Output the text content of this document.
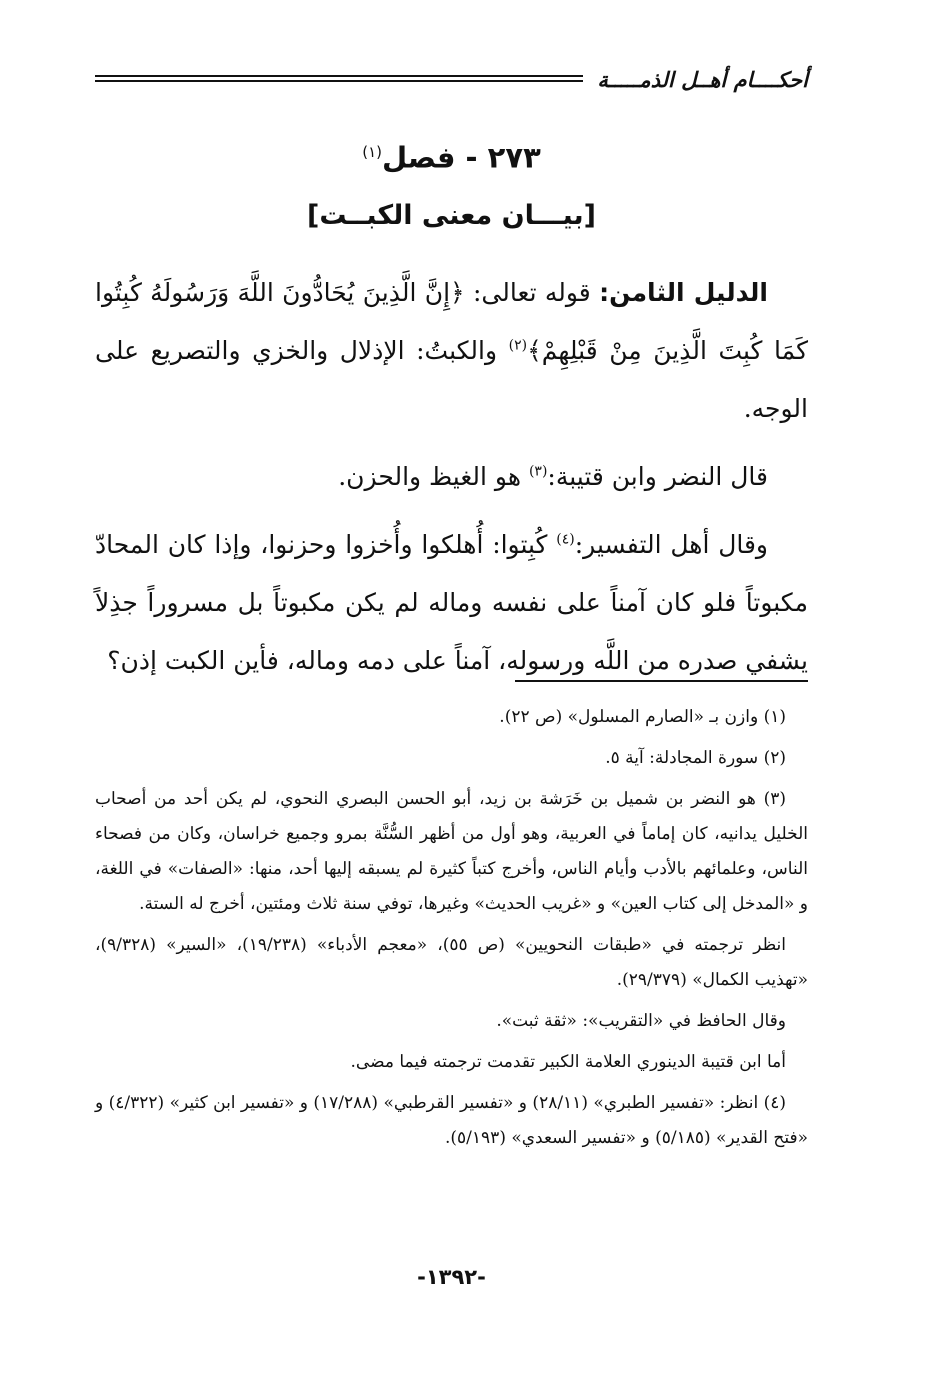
أحكــــام أهــل الذمـــــة
٢٧٣ - فصل$^{(١)}$
[بيـــان معنى الكبــت]

الدليل الثامن: قوله تعالى: ﴿إِنَّ الَّذِينَ يُحَادُّونَ اللَّهَ وَرَسُولَهُ كُبِتُوا كَمَا كُبِتَ الَّذِينَ مِنْ قَبْلِهِمْ﴾$^{(٢)}$ والكبتُ: الإذلال والخزي والتصريع على الوجه.

قال النضر وابن قتيبة:$^{(٣)}$ هو الغيظ والحزن.

وقال أهل التفسير:$^{(٤)}$ كُبِتوا: أُهلكوا وأُخزوا وحزنوا، وإذا كان المحادّ مكبوتاً فلو كان آمناً على نفسه وماله لم يكن مكبوتاً بل مسروراً جذِلاً يشفي صدره من اللَّه ورسوله، آمناً على دمه وماله، فأين الكبت إذن؟

(١) وازن بـ «الصارم المسلول» (ص ٢٢).

(٢) سورة المجادلة: آية ٥.

(٣) هو النضر بن شميل بن خَرَشة بن زيد، أبو الحسن البصري النحوي، لم يكن أحد من أصحاب الخليل يدانيه، كان إماماً في العربية، وهو أول من أظهر السُّنَّة بمرو وجميع خراسان، وكان من فصحاء الناس، وعلمائهم بالأدب وأيام الناس، وأخرج كتباً كثيرة لم يسبقه إليها أحد، منها: «الصفات» في اللغة، و «المدخل إلى كتاب العين» و «غريب الحديث» وغيرها، توفي سنة ثلاث ومئتين، أخرج له الستة.

انظر ترجمته في «طبقات النحويين» (ص ٥٥)، «معجم الأدباء» (١٩/٢٣٨)، «السير» (٩/٣٢٨)، «تهذيب الكمال» (٢٩/٣٧٩).

وقال الحافظ في «التقريب»: «ثقة ثبت».

أما ابن قتيبة الدينوري العلامة الكبير تقدمت ترجمته فيما مضى.

(٤) انظر: «تفسير الطبري» (٢٨/١١) و «تفسير القرطبي» (١٧/٢٨٨) و «تفسير ابن كثير» (٤/٣٢٢) و «فتح القدير» (٥/١٨٥) و «تفسير السعدي» (٥/١٩٣).

-١٣٩٢-
